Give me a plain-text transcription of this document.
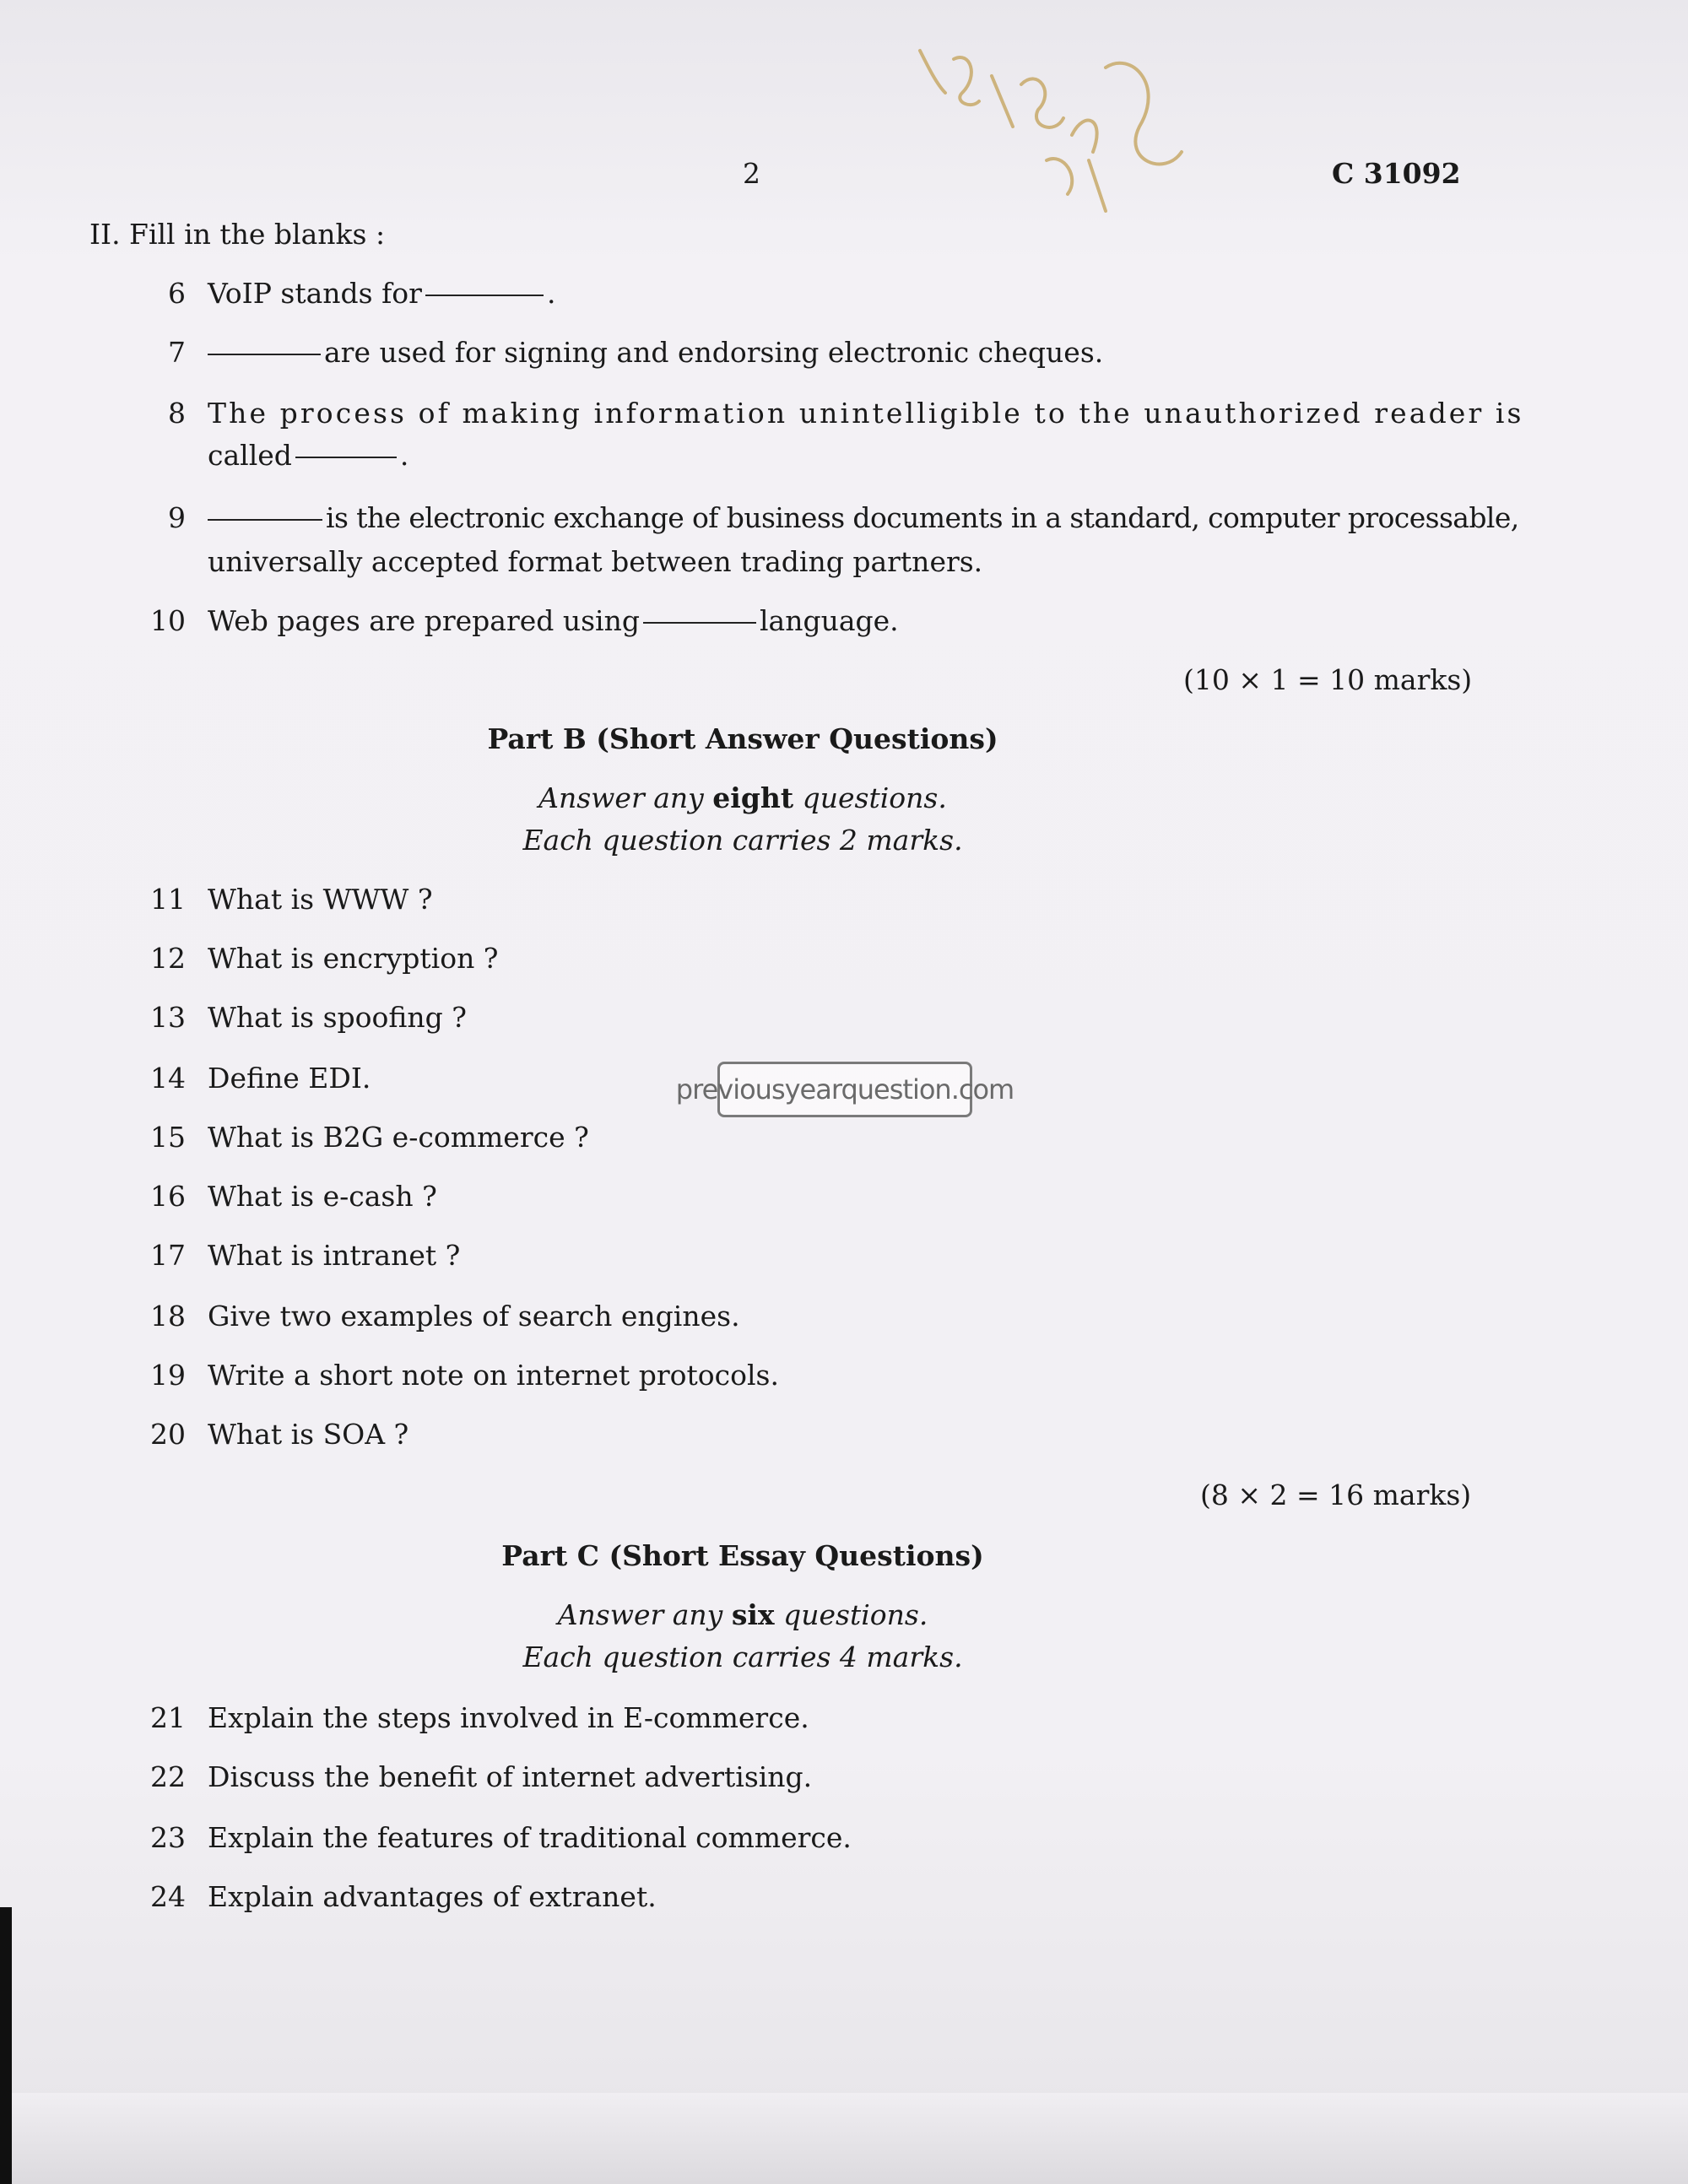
2	C 31092
II. Fill in the blanks :
6 VoIP stands for	.
7	are used for signing and endorsing electronic cheques.
8 The process of making information unintelligible to the unauthorized reader is
called	.
9	is the electronic exchange of business documents in a standard, computer processable,
universally accepted format between trading partners.
10 Web pages are prepared using	language.
(10 × 1 = 10 marks)
Part B (Short Answer Questions)
Answer any eight questions.
Each question carries 2 marks.
11 What is WWW ?
12 What is encryption ?
13 What is spoofing ?
14 Define EDI.
15 What is B2G e-commerce ?
16 What is e-cash ?
17 What is intranet ?
18 Give two examples of search engines.
19 Write a short note on internet protocols.
20 What is SOA ?
(8 × 2 = 16 marks)
Part C (Short Essay Questions)
Answer any six questions.
Each question carries 4 marks.
21 Explain the steps involved in E-commerce.
22 Discuss the benefit of internet advertising.
23 Explain the features of traditional commerce.
24 Explain advantages of extranet.
previousyearquestion.com
